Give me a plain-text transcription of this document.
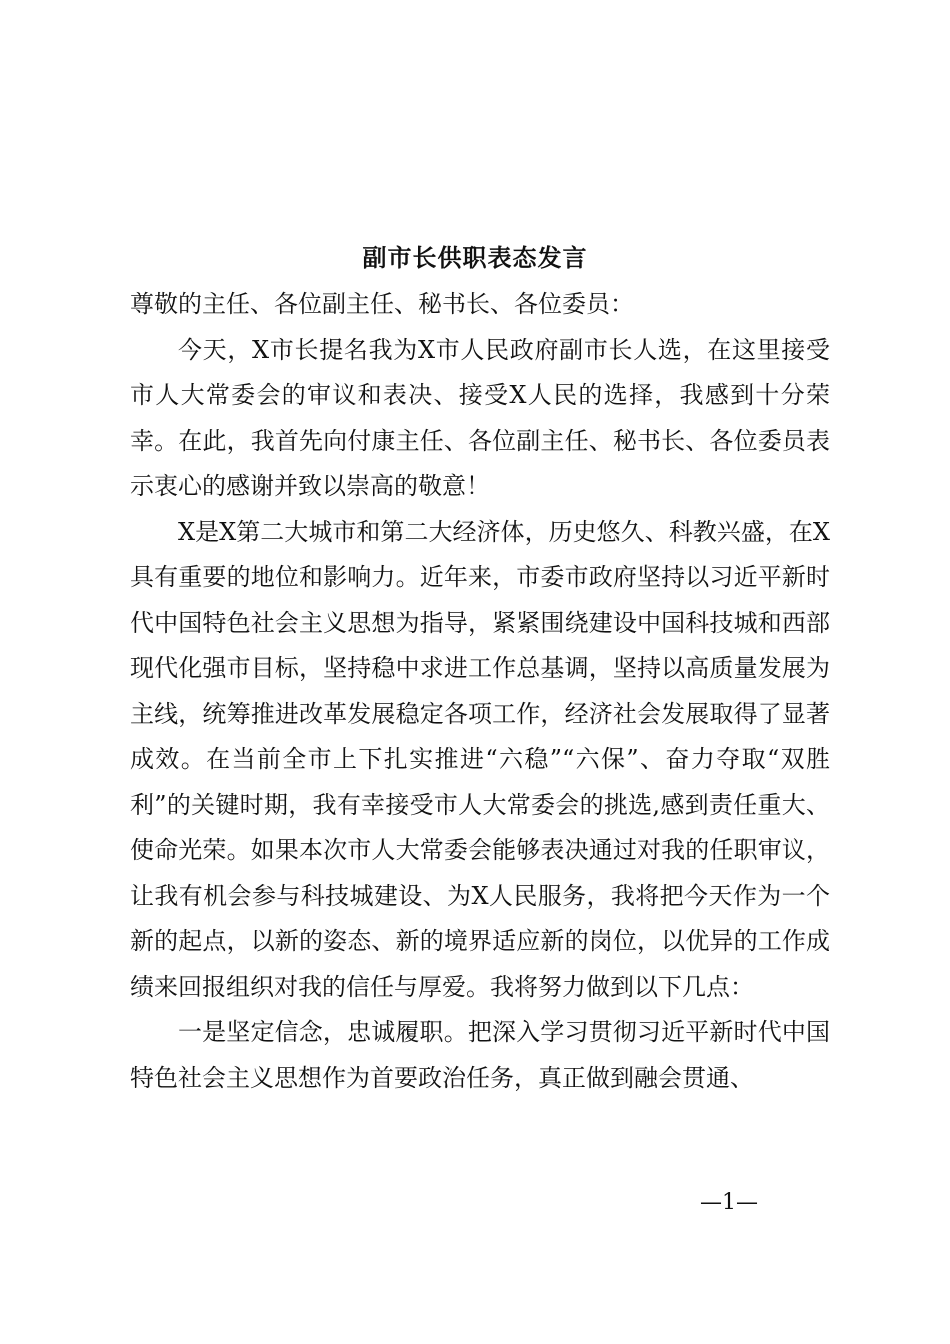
副市长供职表态发言

尊敬的主任、各位副主任、秘书长、各位委员：

今天，X市长提名我为X市人民政府副市长人选，在这里接受市人大常委会的审议和表决、接受X人民的选择，我感到十分荣幸。在此，我首先向付康主任、各位副主任、秘书长、各位委员表示衷心的感谢并致以崇高的敬意！

X是X第二大城市和第二大经济体，历史悠久、科教兴盛，在X具有重要的地位和影响力。近年来，市委市政府坚持以习近平新时代中国特色社会主义思想为指导，紧紧围绕建设中国科技城和西部现代化强市目标，坚持稳中求进工作总基调，坚持以高质量发展为主线，统筹推进改革发展稳定各项工作，经济社会发展取得了显著成效。在当前全市上下扎实推进“六稳”“六保”、奋力夺取“双胜利”的关键时期，我有幸接受市人大常委会的挑选,感到责任重大、使命光荣。如果本次市人大常委会能够表决通过对我的任职审议，让我有机会参与科技城建设、为X人民服务，我将把今天作为一个新的起点，以新的姿态、新的境界适应新的岗位，以优异的工作成绩来回报组织对我的信任与厚爱。我将努力做到以下几点：

一是坚定信念，忠诚履职。把深入学习贯彻习近平新时代中国特色社会主义思想作为首要政治任务，真正做到融会贯通、

—1—
